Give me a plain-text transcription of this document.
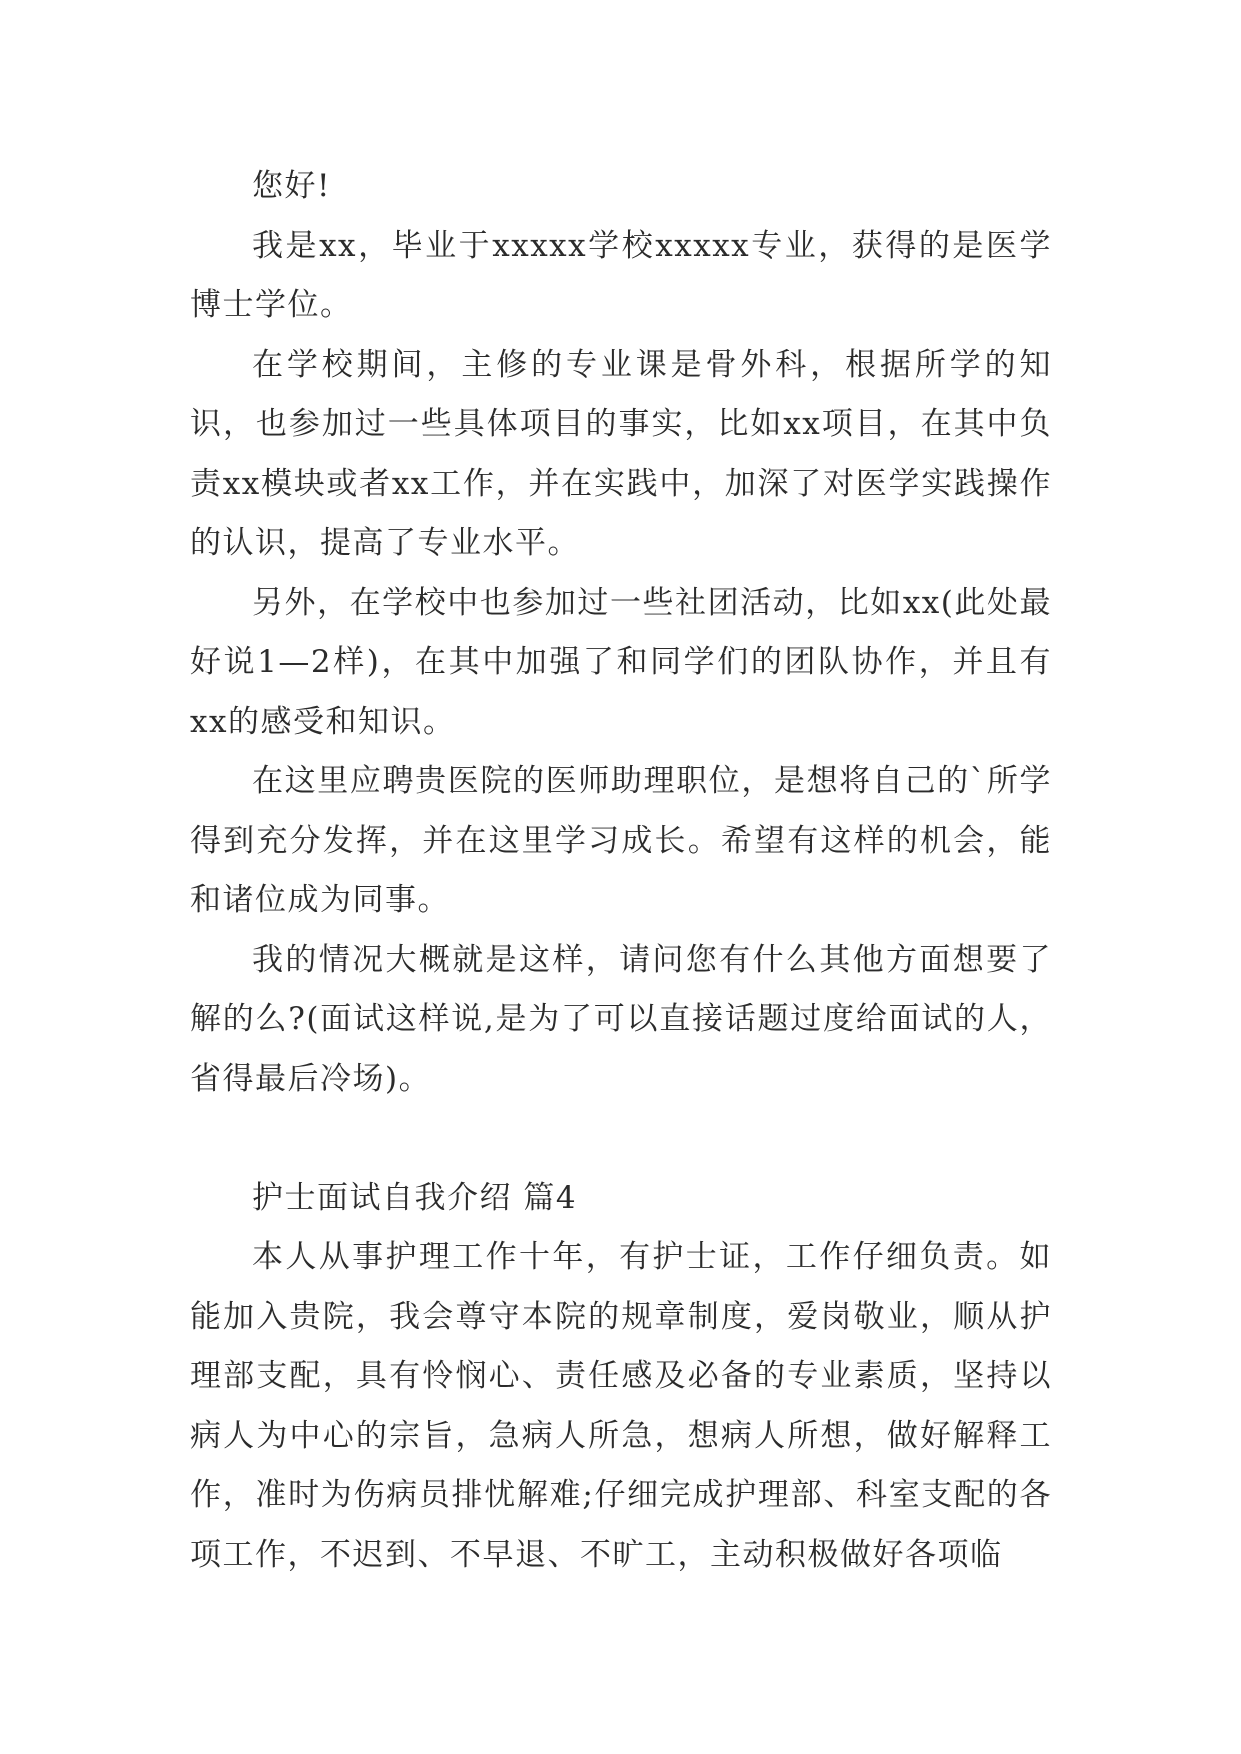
您好!

我是xx，毕业于xxxxx学校xxxxx专业，获得的是医学博士学位。

在学校期间，主修的专业课是骨外科，根据所学的知识，也参加过一些具体项目的事实，比如xx项目，在其中负责xx模块或者xx工作，并在实践中，加深了对医学实践操作的认识，提高了专业水平。

另外，在学校中也参加过一些社团活动，比如xx(此处最好说1—2样)，在其中加强了和同学们的团队协作，并且有xx的感受和知识。

在这里应聘贵医院的医师助理职位，是想将自己的`所学得到充分发挥，并在这里学习成长。希望有这样的机会，能和诸位成为同事。

我的情况大概就是这样，请问您有什么其他方面想要了解的么?(面试这样说,是为了可以直接话题过度给面试的人，省得最后冷场)。

护士面试自我介绍 篇4

本人从事护理工作十年，有护士证，工作仔细负责。如能加入贵院，我会尊守本院的规章制度，爱岗敬业，顺从护理部支配，具有怜悯心、责任感及必备的专业素质，坚持以病人为中心的宗旨，急病人所急，想病人所想，做好解释工作，准时为伤病员排忧解难;仔细完成护理部、科室支配的各项工作，不迟到、不早退、不旷工，主动积极做好各项临
